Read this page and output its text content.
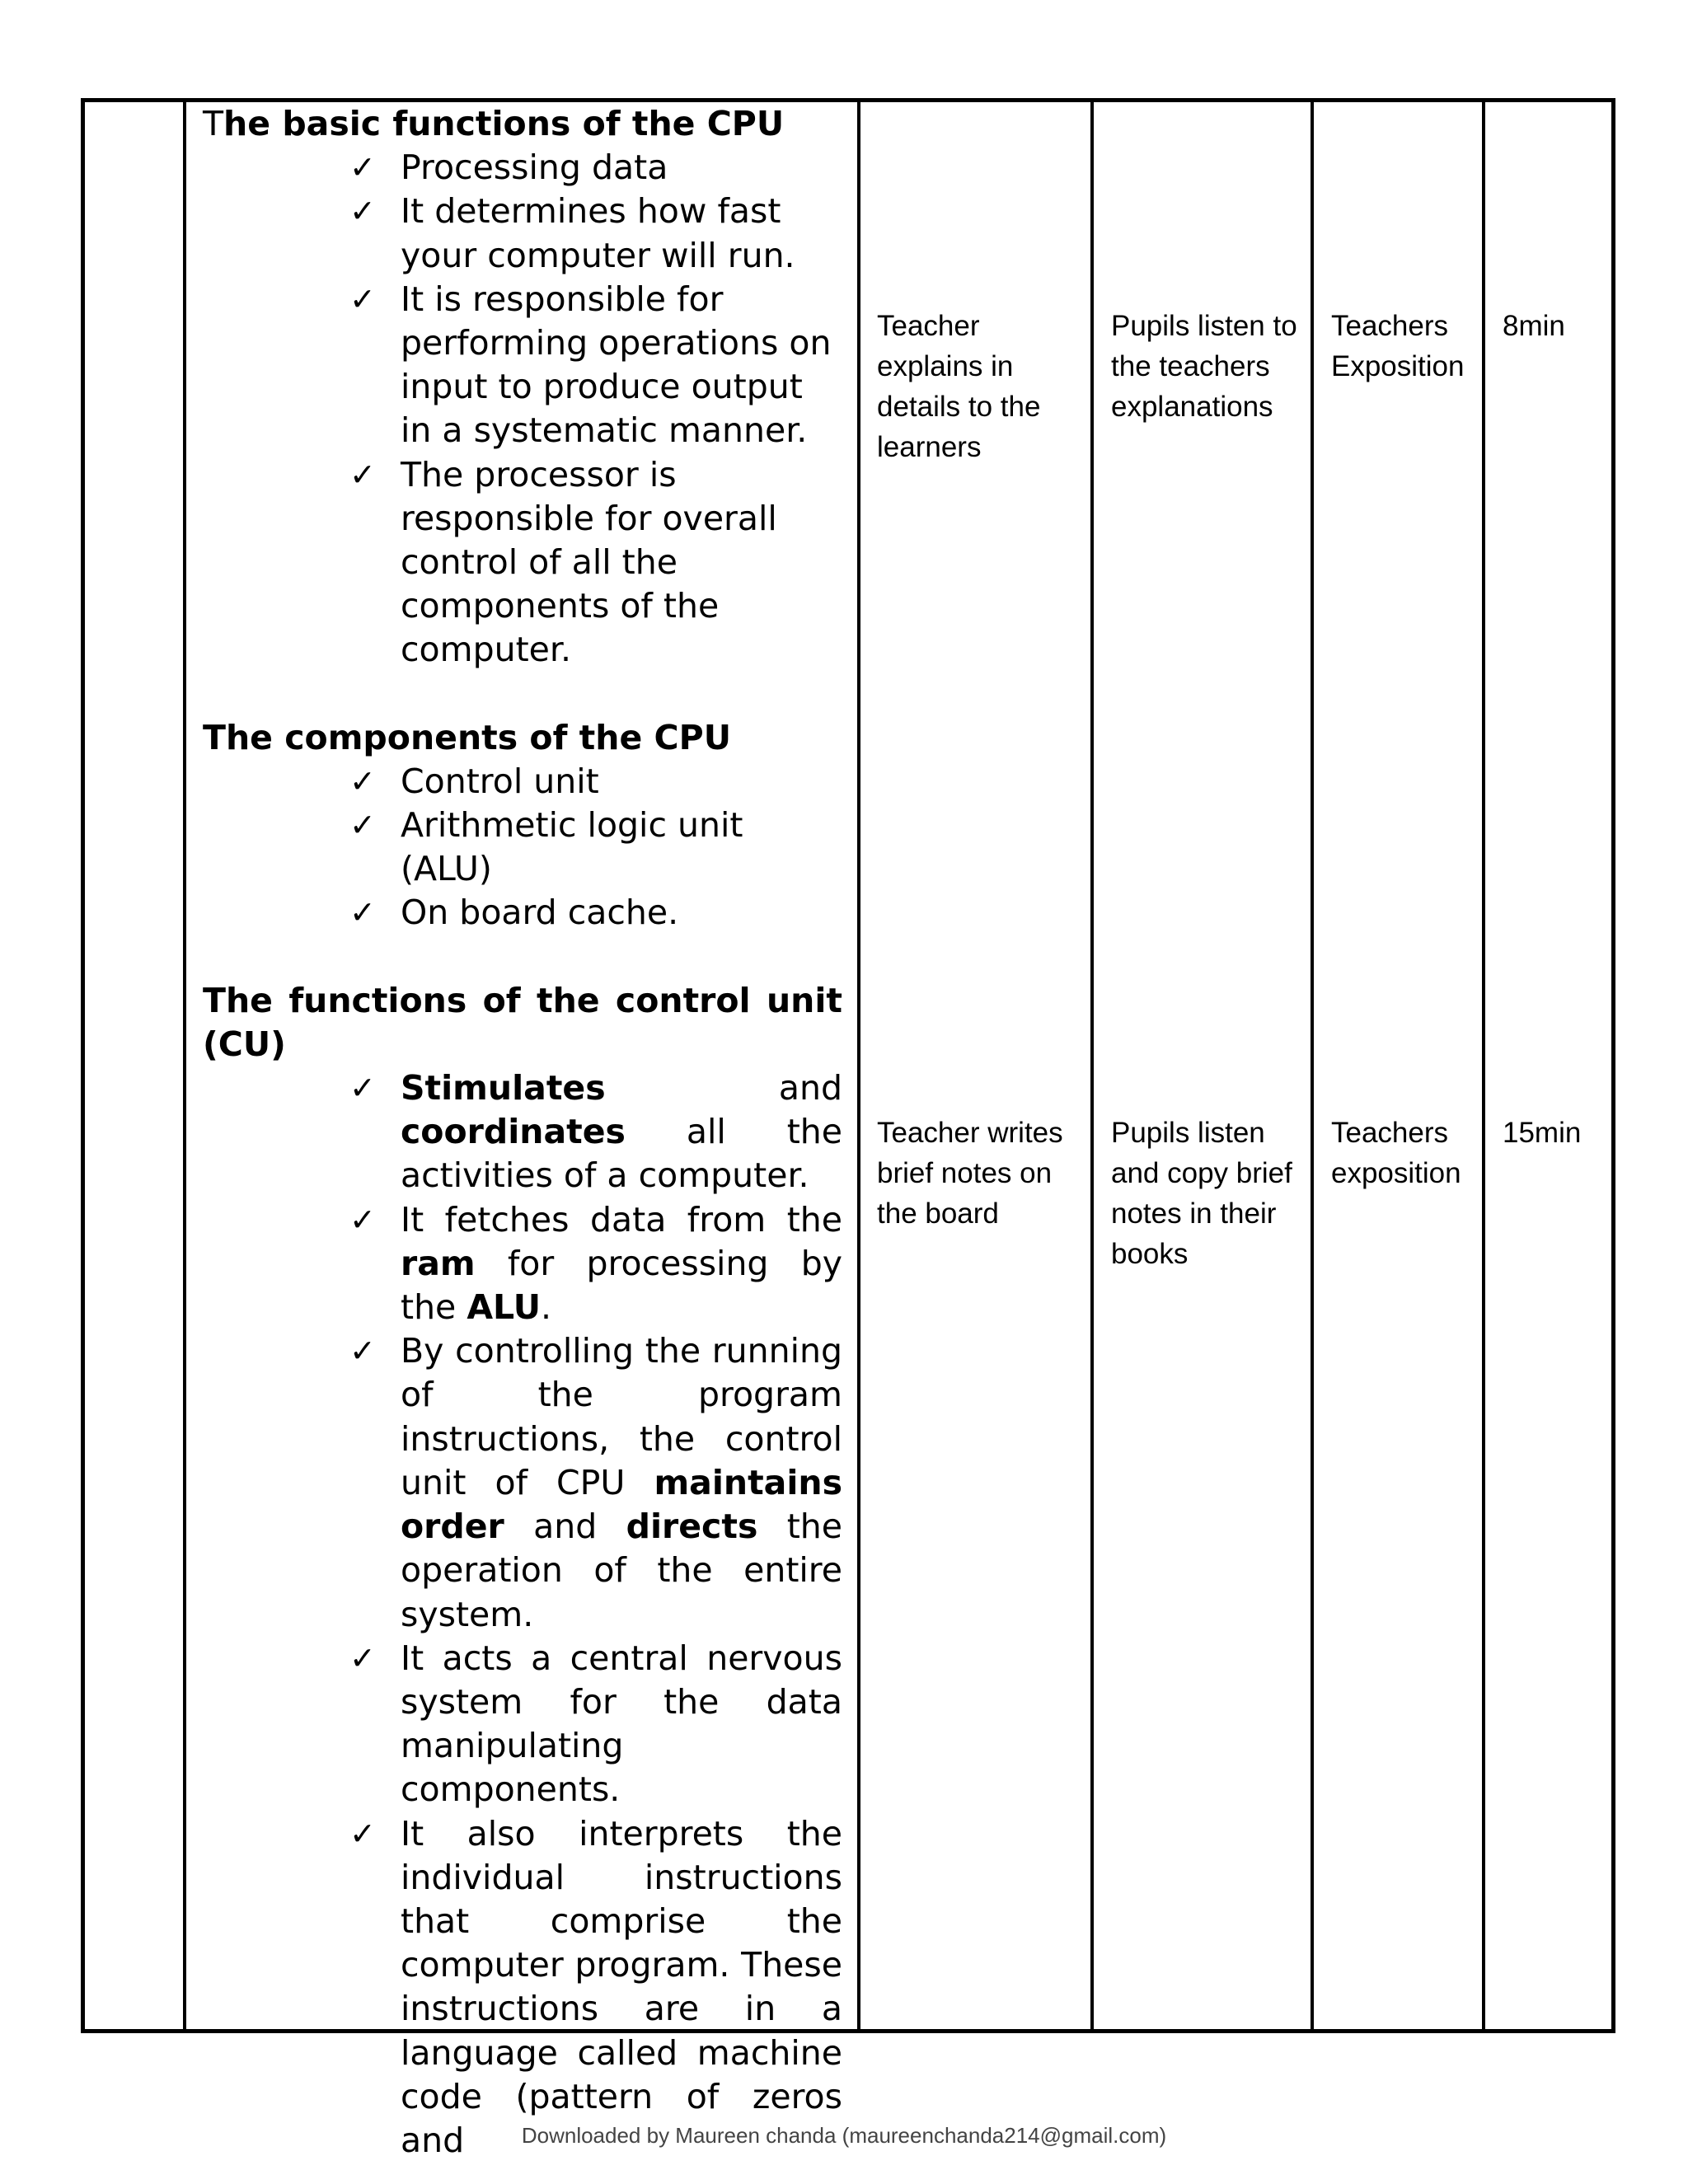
The basic functions of the CPU

✓ Processing data
✓ It determines how fast your computer will run.
✓ It is responsible for performing operations on input to produce output in a systematic manner.
✓ The processor is responsible for overall control of all the components of the computer.

The components of the CPU

✓ Control unit
✓ Arithmetic logic unit (ALU)
✓ On board cache.

The functions of the control unit (CU)

✓ Stimulates and coordinates all the activities of a computer.
✓ It fetches data from the ram for processing by the ALU.
✓ By controlling the running of the program instructions, the control unit of CPU maintains order and directs the operation of the entire system.
✓ It acts a central nervous system for the data manipulating components.
✓ It also interprets the individual instructions that comprise the computer program. These instructions are in a language called machine code (pattern of zeros and
Teacher explains in details to the learners
Pupils listen to the teachers explanations
Teachers Exposition
8min
Teacher writes brief notes on the board
Pupils listen and copy brief notes in their books
Teachers exposition
15min
Downloaded by Maureen chanda (maureenchanda214@gmail.com)
